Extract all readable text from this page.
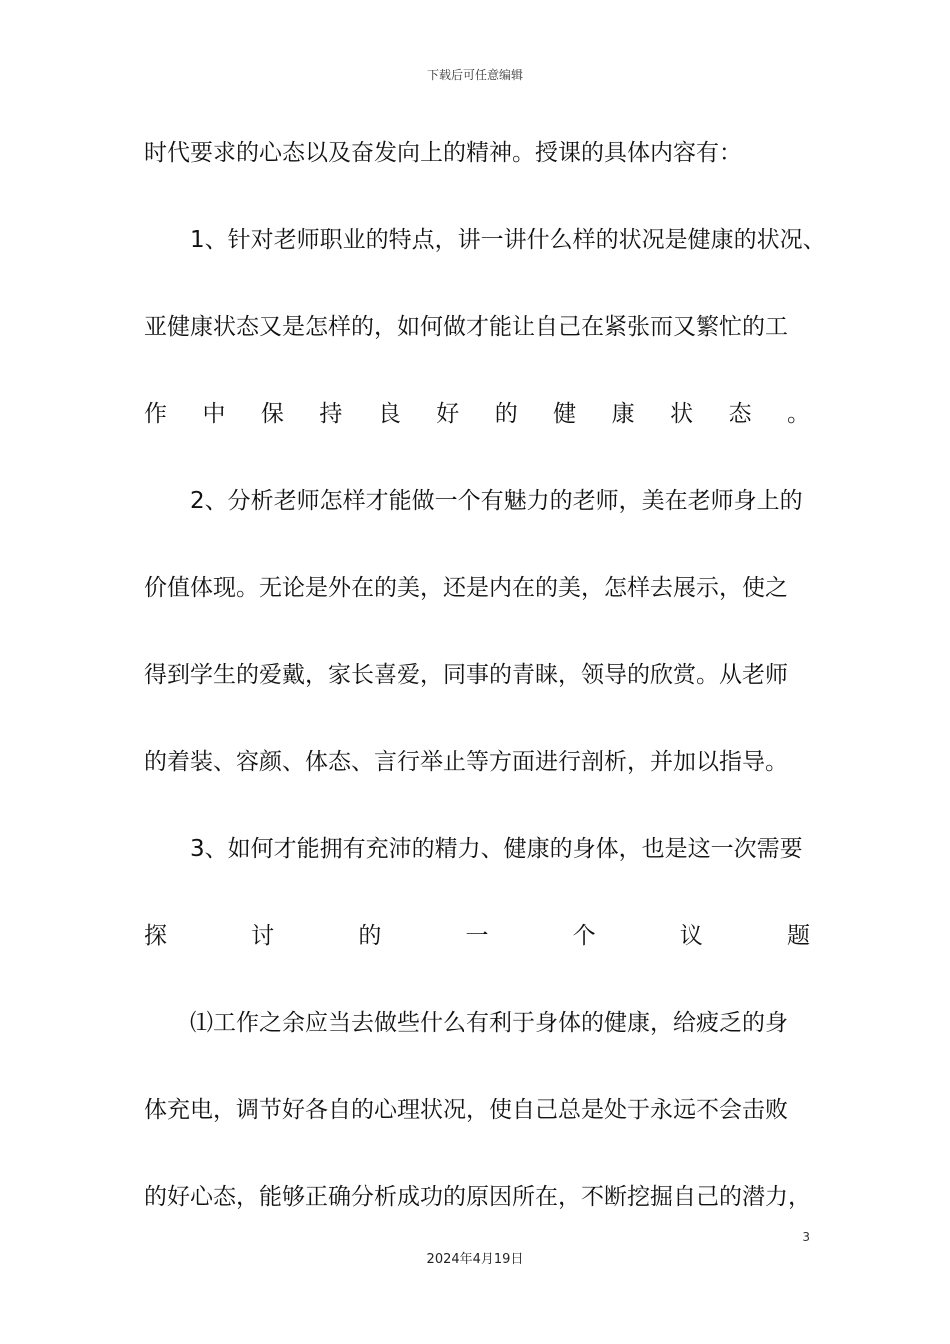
下载后可任意编辑
时代要求的心态以及奋发向上的精神。授课的具体内容有：
1、针对老师职业的特点，讲一讲什么样的状况是健康的状况、
亚健康状态又是怎样的，如何做才能让自己在紧张而又繁忙的工
作 中 保 持 良 好 的 健 康 状 态 。
2、分析老师怎样才能做一个有魅力的老师，美在老师身上的
价值体现。无论是外在的美，还是内在的美，怎样去展示，使之
得到学生的爱戴，家长喜爱，同事的青睐，领导的欣赏。从老师
的着装、容颜、体态、言行举止等方面进行剖析，并加以指导。
3、如何才能拥有充沛的精力、健康的身体，也是这一次需要
探	讨	的	一	个	议	题
⑴工作之余应当去做些什么有利于身体的健康，给疲乏的身
体充电，调节好各自的心理状况，使自己总是处于永远不会击败
的好心态，能够正确分析成功的原因所在，不断挖掘自己的潜力，
3
2024年4月19日
